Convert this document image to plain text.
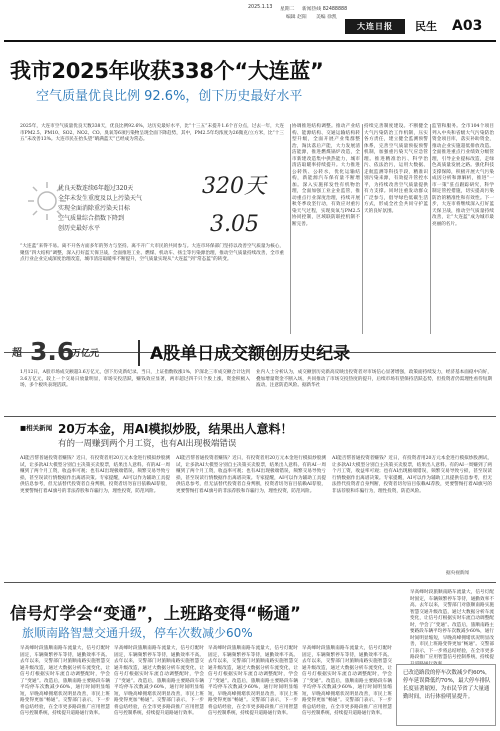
2025.1.13 星期二 新闻热线 82488888
编辑 赵阳 美编 徐凯
大连日报	民生 A03
我市2025年收获338个“大连蓝”
空气质量优良比例 92.6%，创下历史最好水平
2025年，大连市空气质量优良天数338天，优良比例92.6%，达历史最好水平，比“十三五”末提升1.6个百分点，过去一年，大连市PM2.5、PM10、SO2、NO2、CO、臭氧等6项污染物呈现全面下降趋势，其中，PM2.5年均浓度为26微克/立方米，比“十三五”末改善13%。大连市民在抬头望“晴满蓝天”已经成为常态。
优良天数连续6年超过320天
全年未发生重度及以上污染天气
实现全面消除重污染天目标
空气质量综合指数下降到
创历史最好水平
320天
3.05
“大连蓝”来得不易。离不开各方面多年的努力与坚持。离不开广大市民的共同参与。大连市环保部门坚持以改善空气质量为核心，聚焦“四大结构”调整，深入打好蓝天保卫战，全面推进工业、燃煤、机动车、扬尘等污染源治理，推动空气质量持续改善，全市重点行业企业完成深度治理改造，城市清洁取暖率不断提升，空气质量实现从“大连蓝”到“常态蓝”的转变。
协调推进结构调整。推动产业结构、能源结构、交通运输结构转型升级，全面开展产业集群整治，淘汰落后产能，大力发展清洁能源，推进燃煤锅炉改造，全市新建改造集中供热能力，城市清洁取暖率持续提升。大力推进公转铁、公转水，优化运输结构，新能源汽车保有量不断增加。深入实施挥发性有机物治理，全面加强工业企业监管，推动重点行业深度治理，持续开展秋冬季攻坚行动，有效应对重污染天气过程，实现臭氧与PM2.5协同控制，区域联防联控机制不断完善。
持续完善制度建设。不断健全大气污染防治工作机制，压实各方责任，建立健全监测预警体系，完善空气质量预报预警机制，加强重污染天气应急管理。推进精准治污、科学治污、依法治污，运用大数据、走航监测等科技手段，精准识别污染来源，有效提升管控水平，为持续改善空气质量提供有力支撑。同时注重发动群众广泛参与，倡导绿色低碳生活方式，形成全社会共同守护蓝天的良好氛围。
监管和服务。全市104个项目列入中央和省级大气污染防治资金项目库，落实补助资金，推动企业实施超低排放改造。全面推进重点行业绩效分级管理，引导企业提标改造，走绿色高质量发展之路。强化科技支撑保障，积极开展大气污染成因分析和源解析，推进“一市一策”驻点跟踪研究，科学制定管控措施，切实提高污染防治的精准性和有效性。下一步，大连市将继续深入打好蓝天保卫战，推动空气质量持续改善，让“大连蓝”成为城市最亮丽的名片。
超 3.6
万亿元	A股单日成交额创历史纪录
1月12日，A股市场成交额超3.6万亿元，创下历史新纪录。当日，上证指数收涨1%，沪深北三市成交额合计达到3.6万亿元，较上一个交易日放量明显，市场交投活跃，赚钱效应显著，两市超过四千只个股上涨，资金积极入场，多个板块表现活跃。
业内人士分析认为，成交额创历史新高反映出投资者对市场信心显著增强，政策面持续发力，经济基本面稳中向好，叠加增量资金不断入场，共同推动了市场交投热度的提升，后续市场有望保持活跃态势，但投资者仍需理性看待短期波动，注意防范风险。据新华社
■相关新闻 20万本金，用AI模拟炒股，结果出人意料！
有的一周赚到两个月工资，也有AI出现极端错误
AI能否帮普通投资者赚钱？近日，有投资者用20万元本金进行模拟炒股测试，让多款AI大模型分别自主决策买卖股票，结果出人意料。有的AI一周赚到了两个月工资，收益率可观；也有AI出现极端错误，频繁交易导致亏损，甚至误读行情数据作出离谱决策。专家提醒，AI可以作为辅助工具提供信息参考，但无法替代投资者自身判断，投资者切勿盲目依赖AI荐股，更要警惕打着AI旗号的非法荐股和诈骗行为，理性投资，防范风险。
AI能否帮普通投资者赚钱？近日，有投资者用20万元本金进行模拟炒股测试，让多款AI大模型分别自主决策买卖股票，结果出人意料。有的AI一周赚到了两个月工资，收益率可观；也有AI出现极端错误，频繁交易导致亏损，甚至误读行情数据作出离谱决策。专家提醒，AI可以作为辅助工具提供信息参考，但无法替代投资者自身判断，投资者切勿盲目依赖AI荐股，更要警惕打着AI旗号的非法荐股和诈骗行为，理性投资，防范风险。
AI能否帮普通投资者赚钱？近日，有投资者用20万元本金进行模拟炒股测试，让多款AI大模型分别自主决策买卖股票，结果出人意料。有的AI一周赚到了两个月工资，收益率可观；也有AI出现极端错误，频繁交易导致亏损，甚至误读行情数据作出离谱决策。专家提醒，AI可以作为辅助工具提供信息参考，但无法替代投资者自身判断，投资者切勿盲目依赖AI荐股，更要警惕打着AI旗号的非法荐股和诈骗行为，理性投资，防范风险。
据央视新闻
信号灯学会“变通”，上班路变得“畅通”
旅顺南路智慧交通升级，停车次数减少60%
早高峰时段旅顺南路车流量大，信号灯配时固定，车辆频繁停车等待，通勤效率不高。去年以来，交警部门对旅顺南路实施智慧交通升级改造，通过大数据分析车流变化，让信号灯根据实时车流自动调整配时，学会了“变通”。改造后，旅顺南路主要路段车辆平均停车次数减少60%，通行时间明显缩短，早晚高峰拥堵状况明显改善，市民上班路变得更加“畅通”。交警部门表示，下一步将总结经验，在全市更多路段推广应用智慧信号控制系统，持续提
早高峰时段旅顺南路车流量大，信号灯配时固定，车辆频繁停车等待，通勤效率不高。去年以来，交警部门对旅顺南路实施智慧交通升级改造，通过大数据分析车流变化，让信号灯根据实时车流自动调整配时，学会了“变通”。改造后，旅顺南路主要路段车辆平均停车次数减少60%，通行时间明显缩短，早晚高峰拥堵状况明显改善，市民上班路变得更加“畅通”。交警部门表示，下一步将总结经验，在全市更多路段推广应用智慧信号控制系统，持续提升道路通行效率。
早高峰时段旅顺南路车流量大，信号灯配时固定，车辆频繁停车等待，通勤效率不高。去年以来，交警部门对旅顺南路实施智慧交通升级改造，通过大数据分析车流变化，让信号灯根据实时车流自动调整配时，学会了“变通”。改造后，旅顺南路主要路段车辆平均停车次数减少60%，通行时间明显缩短，早晚高峰拥堵状况明显改善，市民上班路变得更加“畅通”。交警部门表示，下一步将总结经验，在全市更多路段推广应用智慧信号控制系统，持续提升道路通行效率。
早高峰时段旅顺南路车流量大，信号灯配时固定，车辆频繁停车等待，通勤效率不高。去年以来，交警部门对旅顺南路实施智慧交通升级改造，通过大数据分析车流变化，让信号灯根据实时车流自动调整配时，学会了“变通”。改造后，旅顺南路主要路段车辆平均停车次数减少60%，通行时间明显缩短，早晚高峰拥堵状况明显改善，市民上班路变得更加“畅通”。交警部门表示，下一步将总结经验，在全市更多路段推广应用智慧信号控制系统，持续提升道路通行效率。
早高峰时段旅顺南路车流量大，信号灯配时固定，车辆频繁停车等待，通勤效率不高。去年以来，交警部门对旅顺南路实施智慧交通升级改造，通过大数据分析车流变化，让信号灯根据实时车流自动调整配时，学会了“变通”。改造后，旅顺南路主要路段车辆平均停车次数减少60%，通行时间明显缩短，早晚高峰拥堵状况明显改善，市民上班路变得更加“畅通”。交警部门表示，下一步将总结经验，在全市更多路段推广应用智慧信号控制系统，持续提升道路通行效率。
已改造路段的停车次数减少约60%，停车延误降低约70%，最大停车排队长度显著缩短，为市民节省了大量通勤时间，出行体验明显提升。
